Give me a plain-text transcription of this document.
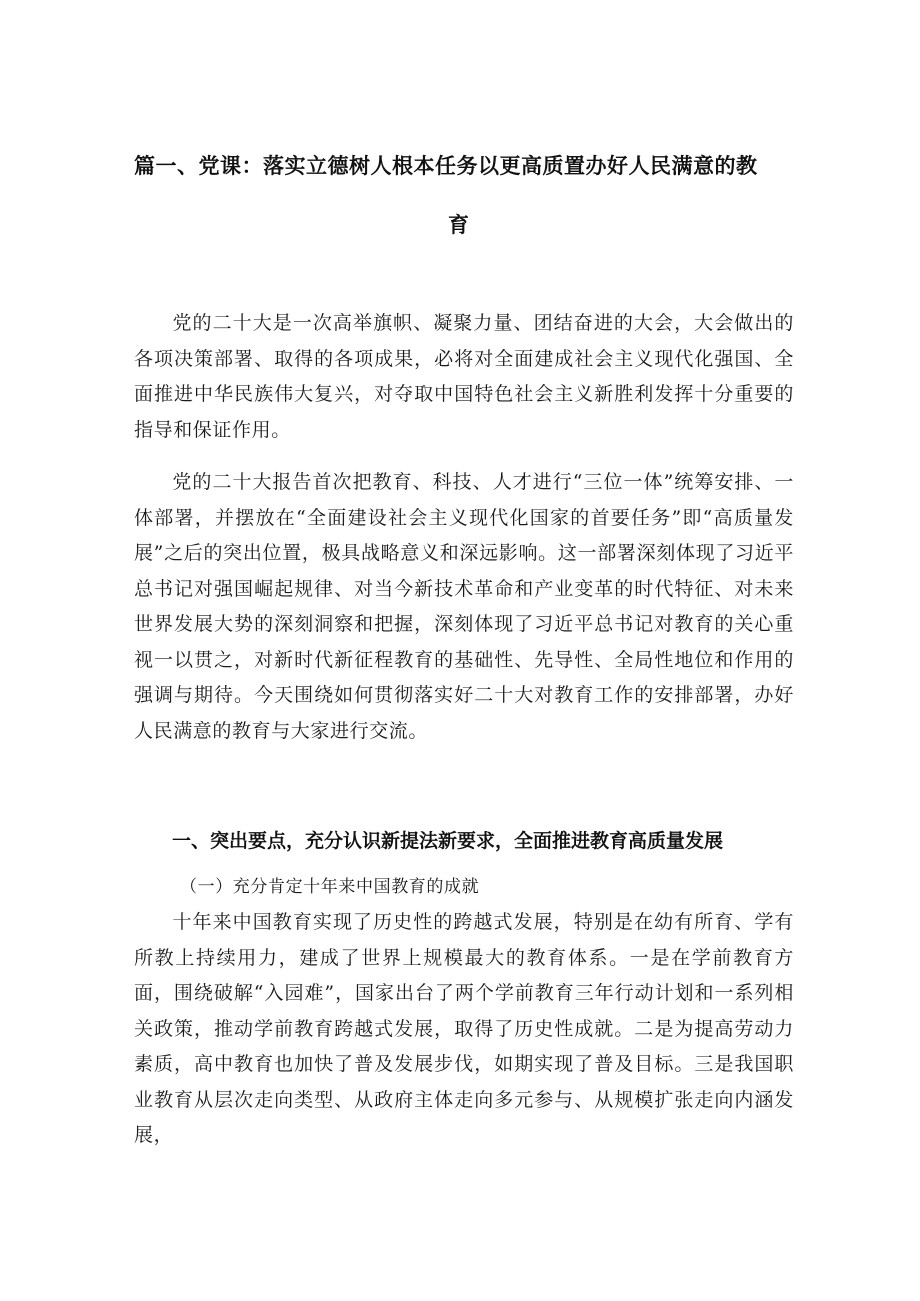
篇一、党课：落实立德树人根本任务以更高质置办好人民满意的教
育
党的二十大是一次高举旗帜、凝聚力量、团结奋进的大会，大会做出的各项决策部署、取得的各项成果，必将对全面建成社会主义现代化强国、全面推进中华民族伟大复兴，对夺取中国特色社会主义新胜利发挥十分重要的指导和保证作用。
党的二十大报告首次把教育、科技、人才进行“三位一体”统筹安排、一体部署，并摆放在“全面建设社会主义现代化国家的首要任务”即“高质量发展”之后的突出位置，极具战略意义和深远影响。这一部署深刻体现了习近平总书记对强国崛起规律、对当今新技术革命和产业变革的时代特征、对未来世界发展大势的深刻洞察和把握，深刻体现了习近平总书记对教育的关心重视一以贯之，对新时代新征程教育的基础性、先导性、全局性地位和作用的强调与期待。今天围绕如何贯彻落实好二十大对教育工作的安排部署，办好人民满意的教育与大家进行交流。
一、突出要点，充分认识新提法新要求，全面推进教育高质量发展
（一）充分肯定十年来中国教育的成就
十年来中国教育实现了历史性的跨越式发展，特别是在幼有所育、学有所教上持续用力，建成了世界上规模最大的教育体系。一是在学前教育方面，围绕破解“入园难”，国家出台了两个学前教育三年行动计划和一系列相关政策，推动学前教育跨越式发展，取得了历史性成就。二是为提高劳动力素质，高中教育也加快了普及发展步伐，如期实现了普及目标。三是我国职业教育从层次走向类型、从政府主体走向多元参与、从规模扩张走向内涵发展，
